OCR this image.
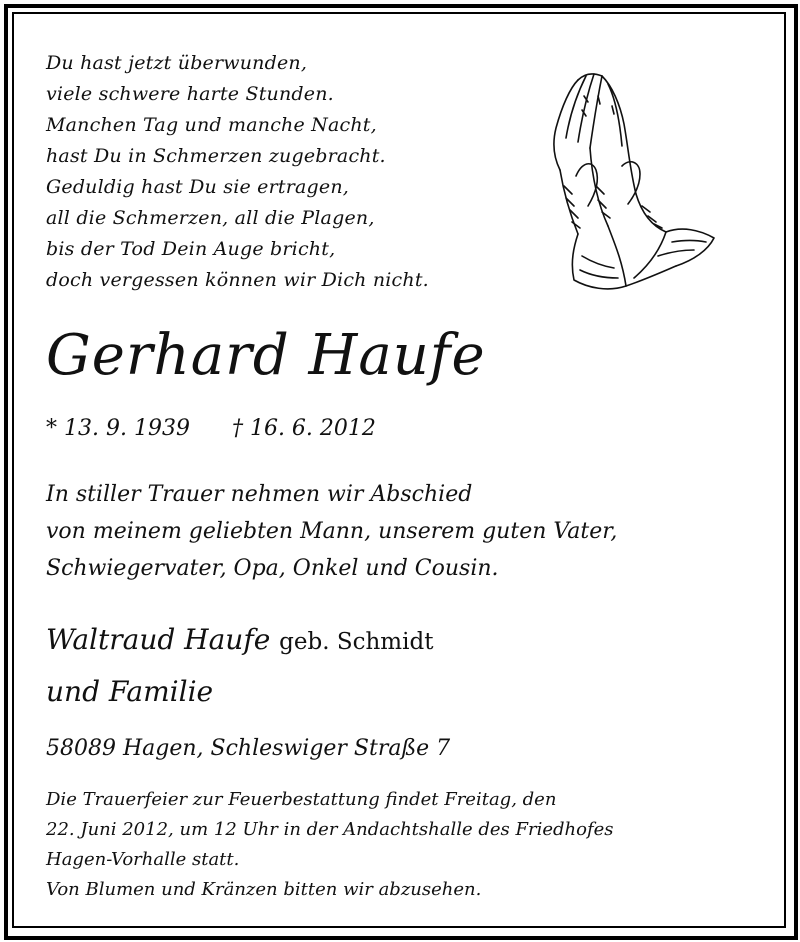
Du hast jetzt überwunden,
viele schwere harte Stunden.
Manchen Tag und manche Nacht,
hast Du in Schmerzen zugebracht.
Geduldig hast Du sie ertragen,
all die Schmerzen, all die Plagen,
bis der Tod Dein Auge bricht,
doch vergessen können wir Dich nicht.
Gerhard Haufe
* 13. 9. 1939 † 16. 6. 2012
In stiller Trauer nehmen wir Abschied
von meinem geliebten Mann, unserem guten Vater,
Schwiegervater, Opa, Onkel und Cousin.
Waltraud Haufe geb. Schmidt
und Familie
58089 Hagen, Schleswiger Straße 7
Die Trauerfeier zur Feuerbestattung findet Freitag, den
22. Juni 2012, um 12 Uhr in der Andachtshalle des Friedhofes
Hagen-Vorhalle statt.
Von Blumen und Kränzen bitten wir abzusehen.
